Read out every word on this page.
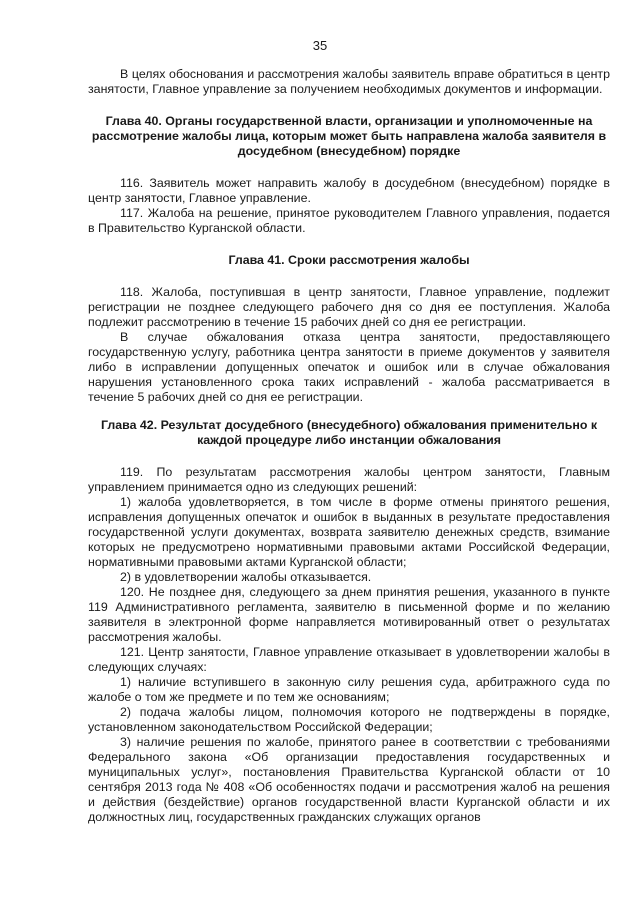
35

В целях обоснования и рассмотрения жалобы заявитель вправе обратиться в центр занятости, Главное управление за получением необходимых документов и информации.

Глава 40. Органы государственной власти, организации и уполномоченные на рассмотрение жалобы лица, которым может быть направлена жалоба заявителя в досудебном (внесудебном) порядке

116. Заявитель может направить жалобу в досудебном (внесудебном) порядке в центр занятости, Главное управление.

117. Жалоба на решение, принятое руководителем Главного управления, подается в Правительство Курганской области.

Глава 41. Сроки рассмотрения жалобы

118. Жалоба, поступившая в центр занятости, Главное управление, подлежит регистрации не позднее следующего рабочего дня со дня ее поступления. Жалоба подлежит рассмотрению в течение 15 рабочих дней со дня ее регистрации.

В случае обжалования отказа центра занятости, предоставляющего государственную услугу, работника центра занятости в приеме документов у заявителя либо в исправлении допущенных опечаток и ошибок или в случае обжалования нарушения установленного срока таких исправлений - жалоба рассматривается в течение 5 рабочих дней со дня ее регистрации.

Глава 42. Результат досудебного (внесудебного) обжалования применительно к каждой процедуре либо инстанции обжалования

119. По результатам рассмотрения жалобы центром занятости, Главным управлением принимается одно из следующих решений:

1) жалоба удовлетворяется, в том числе в форме отмены принятого решения, исправления допущенных опечаток и ошибок в выданных в результате предоставления государственной услуги документах, возврата заявителю денежных средств, взимание которых не предусмотрено нормативными правовыми актами Российской Федерации, нормативными правовыми актами Курганской области;

2) в удовлетворении жалобы отказывается.

120. Не позднее дня, следующего за днем принятия решения, указанного в пункте 119 Административного регламента, заявителю в письменной форме и по желанию заявителя в электронной форме направляется мотивированный ответ о результатах рассмотрения жалобы.

121. Центр занятости, Главное управление отказывает в удовлетворении жалобы в следующих случаях:

1) наличие вступившего в законную силу решения суда, арбитражного суда по жалобе о том же предмете и по тем же основаниям;

2) подача жалобы лицом, полномочия которого не подтверждены в порядке, установленном законодательством Российской Федерации;

3) наличие решения по жалобе, принятого ранее в соответствии с требованиями Федерального закона «Об организации предоставления государственных и муниципальных услуг», постановления Правительства Курганской области от 10 сентября 2013 года № 408 «Об особенностях подачи и рассмотрения жалоб на решения и действия (бездействие) органов государственной власти Курганской области и их должностных лиц, государственных гражданских служащих органов
